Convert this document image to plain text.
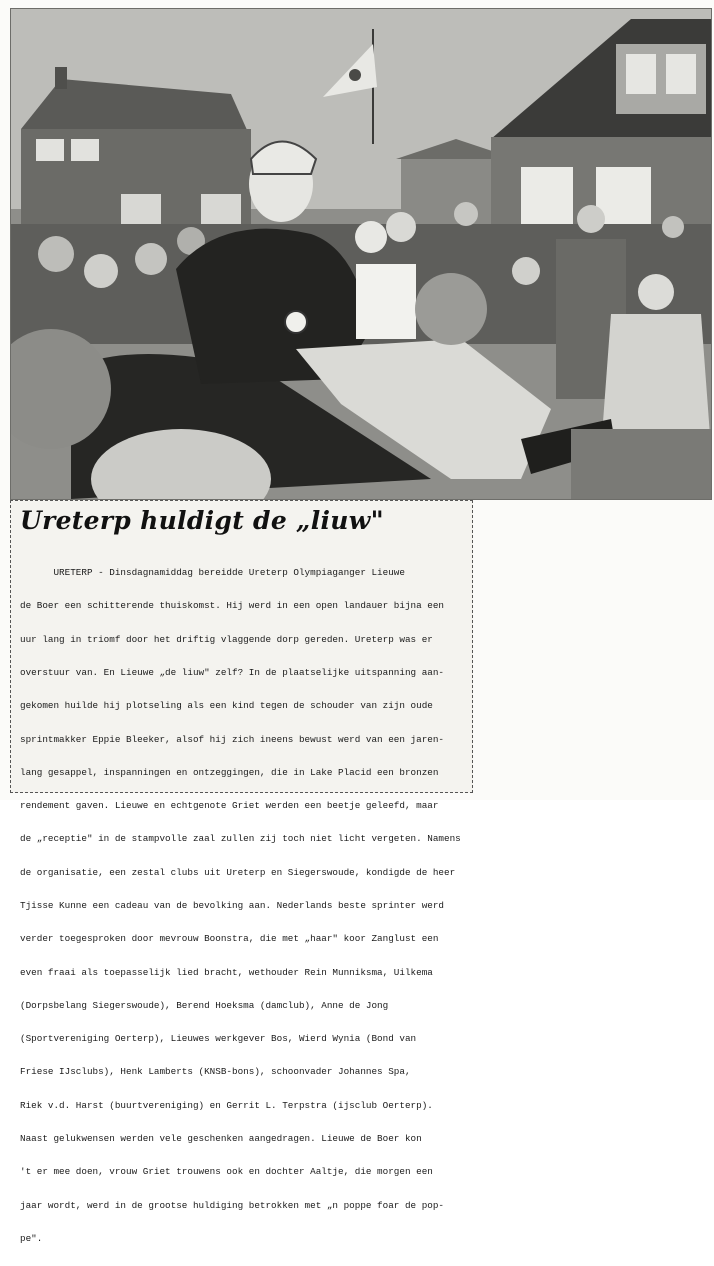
Ureterp huldigt de „liuw"

URETERP - Dinsdagnamiddag bereidde Ureterp Olympiaganger Lieuwe

de Boer een schitterende thuiskomst. Hij werd in een open landauer bijna een

uur lang in triomf door het driftig vlaggende dorp gereden. Ureterp was er

overstuur van. En Lieuwe „de liuw" zelf? In de plaatselijke uitspanning aan-

gekomen huilde hij plotseling als een kind tegen de schouder van zijn oude

sprintmakker Eppie Bleeker, alsof hij zich ineens bewust werd van een jaren-

lang gesappel, inspanningen en ontzeggingen, die in Lake Placid een bronzen

rendement gaven. Lieuwe en echtgenote Griet werden een beetje geleefd, maar

de „receptie" in de stampvolle zaal zullen zij toch niet licht vergeten. Namens

de organisatie, een zestal clubs uit Ureterp en Siegerswoude, kondigde de heer

Tjisse Kunne een cadeau van de bevolking aan. Nederlands beste sprinter werd

verder toegesproken door mevrouw Boonstra, die met „haar" koor Zanglust een

even fraai als toepasselijk lied bracht, wethouder Rein Munniksma, Uilkema

(Dorpsbelang Siegerswoude), Berend Hoeksma (damclub), Anne de Jong

(Sportvereniging Oerterp), Lieuwes werkgever Bos, Wierd Wynia (Bond van

Friese IJsclubs), Henk Lamberts (KNSB-bons), schoonvader Johannes Spa,

Riek v.d. Harst (buurtvereniging) en Gerrit L. Terpstra (ijsclub Oerterp).

Naast gelukwensen werden vele geschenken aangedragen. Lieuwe de Boer kon

't er mee doen, vrouw Griet trouwens ook en dochter Aaltje, die morgen een

jaar wordt, werd in de grootse huldiging betrokken met „n poppe foar de pop-

pe".
